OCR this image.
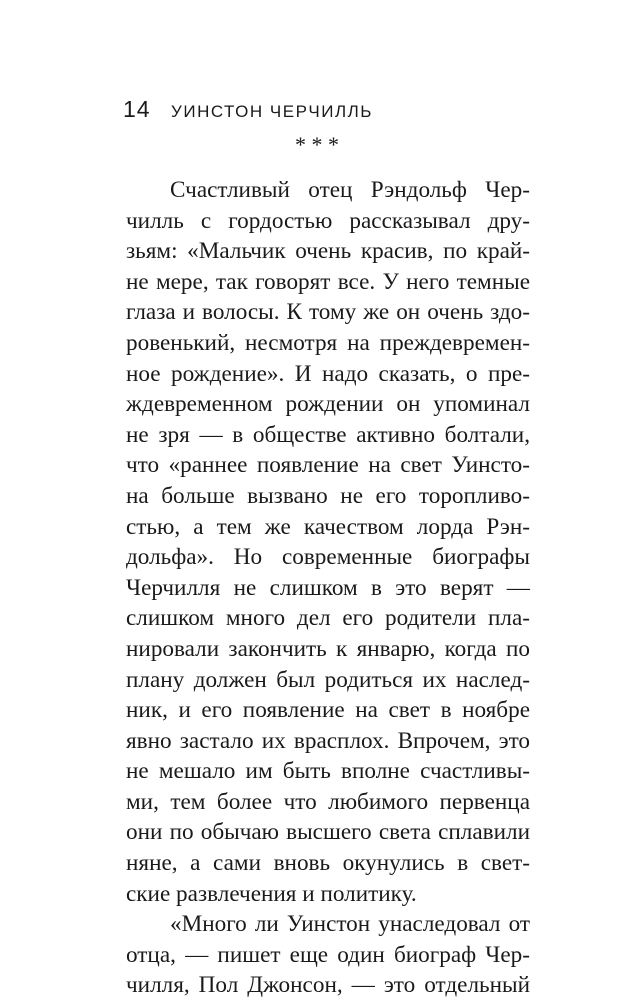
14 УИНСТОН ЧЕРЧИЛЛЬ
* * *
Счастливый отец Рэндольф Чер-
чилль с гордостью рассказывал дру-
зьям: «Мальчик очень красив, по край-
не мере, так говорят все. У него темные
глаза и волосы. К тому же он очень здо-
ровенький, несмотря на преждевремен-
ное рождение». И надо сказать, о пре-
ждевременном рождении он упоминал
не зря — в обществе активно болтали,
что «раннее появление на свет Уинсто-
на больше вызвано не его торопливо-
стью, а тем же качеством лорда Рэн-
дольфа». Но современные биографы
Черчилля не слишком в это верят —
слишком много дел его родители пла-
нировали закончить к январю, когда по
плану должен был родиться их наслед-
ник, и его появление на свет в ноябре
явно застало их врасплох. Впрочем, это
не мешало им быть вполне счастливы-
ми, тем более что любимого первенца
они по обычаю высшего света сплавили
няне, а сами вновь окунулись в свет-
ские развлечения и политику.
«Много ли Уинстон унаследовал от
отца, — пишет еще один биограф Чер-
чилля, Пол Джонсон, — это отдельный
